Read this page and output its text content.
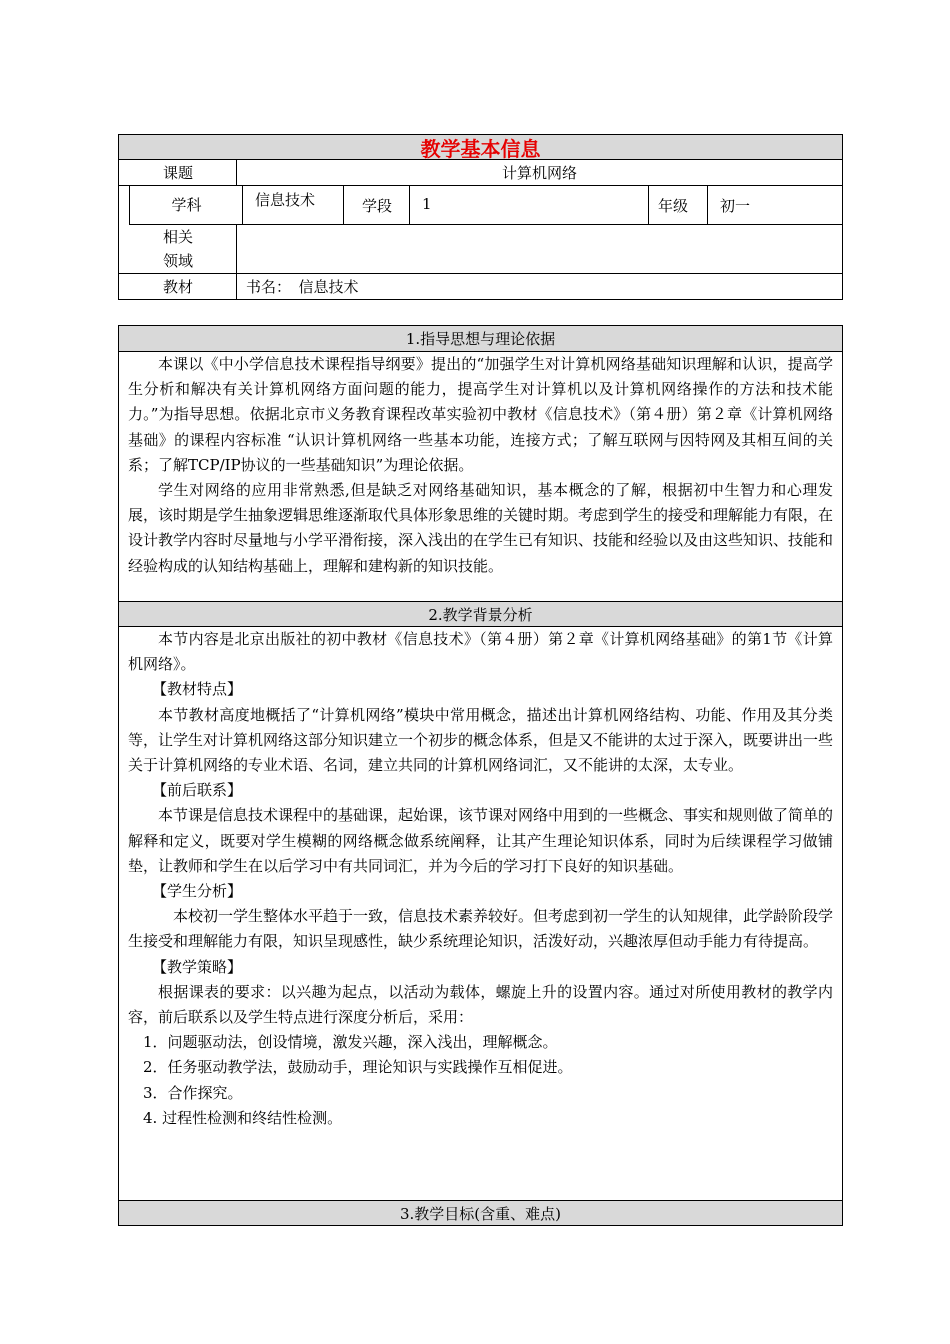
教学基本信息
课题	计算机网络
学科	信息技术	学段	1	年级	初一
相关
领域
教材	书名：　信息技术
1.指导思想与理论依据

本课以《中小学信息技术课程指导纲要》提出的“加强学生对计算机网络基础知识理解和认识，提高学生分析和解决有关计算机网络方面问题的能力，提高学生对计算机以及计算机网络操作的方法和技术能力。”为指导思想。依据北京市义务教育课程改革实验初中教材《信息技术》（第４册）第２章《计算机网络基础》的课程内容标准 “认识计算机网络一些基本功能，连接方式；了解互联网与因特网及其相互间的关系；了解TCP/IP协议的一些基础知识”为理论依据。

学生对网络的应用非常熟悉,但是缺乏对网络基础知识，基本概念的了解，根据初中生智力和心理发展，该时期是学生抽象逻辑思维逐渐取代具体形象思维的关键时期。考虑到学生的接受和理解能力有限，在设计教学内容时尽量地与小学平滑衔接，深入浅出的在学生已有知识、技能和经验以及由这些知识、技能和经验构成的认知结构基础上，理解和建构新的知识技能。

2.教学背景分析

本节内容是北京出版社的初中教材《信息技术》（第４册）第２章《计算机网络基础》的第1节《计算机网络》。

【教材特点】

本节教材高度地概括了“计算机网络”模块中常用概念，描述出计算机网络结构、功能、作用及其分类等，让学生对计算机网络这部分知识建立一个初步的概念体系，但是又不能讲的太过于深入，既要讲出一些关于计算机网络的专业术语、名词，建立共同的计算机网络词汇，又不能讲的太深，太专业。

【前后联系】

本节课是信息技术课程中的基础课，起始课，该节课对网络中用到的一些概念、事实和规则做了简单的解释和定义，既要对学生模糊的网络概念做系统阐释，让其产生理论知识体系，同时为后续课程学习做铺垫，让教师和学生在以后学习中有共同词汇，并为今后的学习打下良好的知识基础。

【学生分析】

本校初一学生整体水平趋于一致，信息技术素养较好。但考虑到初一学生的认知规律，此学龄阶段学生接受和理解能力有限，知识呈现感性，缺少系统理论知识，活泼好动，兴趣浓厚但动手能力有待提高。

【教学策略】

根据课表的要求：以兴趣为起点，以活动为载体，螺旋上升的设置内容。通过对所使用教材的教学内容，前后联系以及学生特点进行深度分析后，采用：

1．问题驱动法，创设情境，激发兴趣，深入浅出，理解概念。

2．任务驱动教学法，鼓励动手，理论知识与实践操作互相促进。

3．合作探究。

4. 过程性检测和终结性检测。

3.教学目标(含重、难点)
